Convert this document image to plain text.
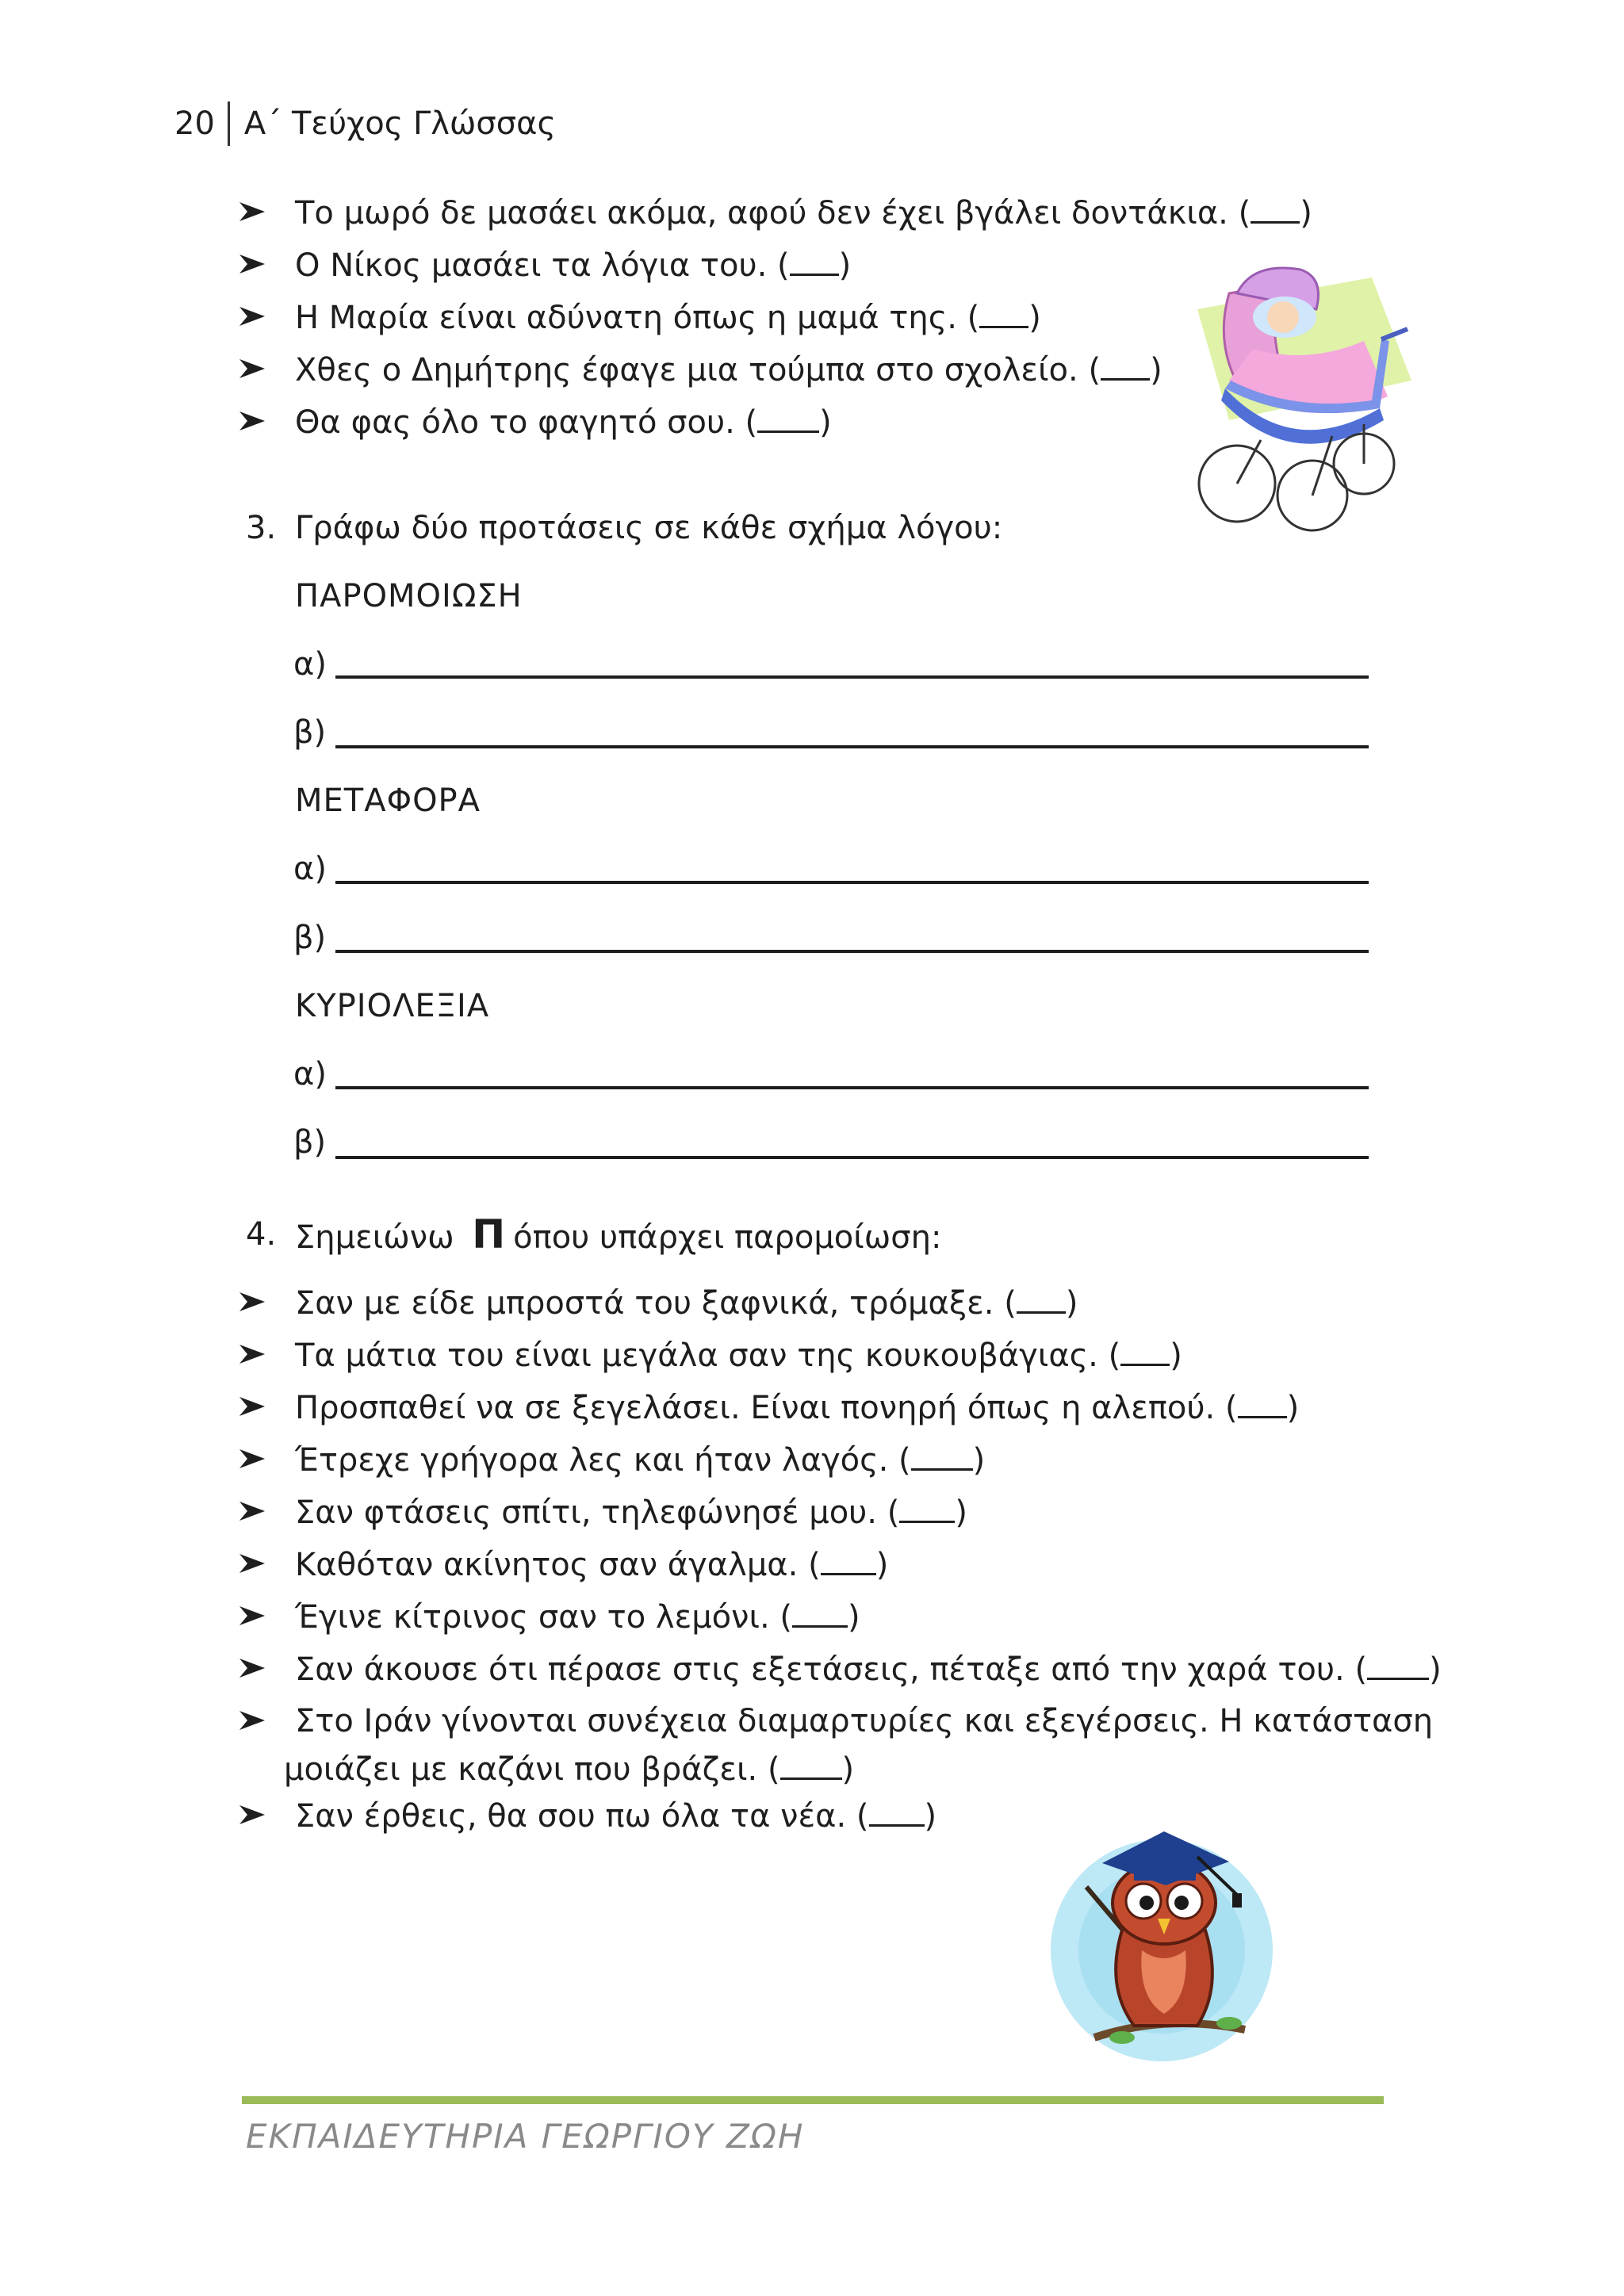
20 Α΄ Τεύχος Γλώσσας
Το μωρό δε μασάει ακόμα, αφού δεν έχει βγάλει δοντάκια. ( )
Ο Νίκος μασάει τα λόγια του. ( )
Η Μαρία είναι αδύνατη όπως η μαμά της. ( )
Χθες ο Δημήτρης έφαγε μια τούμπα στο σχολείο. ( )
Θα φας όλο το φαγητό σου. ( )
3. Γράφω δύο προτάσεις σε κάθε σχήμα λόγου:
ΠΑΡΟΜΟΙΩΣΗ
α)
β)
ΜΕΤΑΦΟΡΑ
α)
β)
ΚΥΡΙΟΛΕΞΙΑ
α)
β)
4. Σημειώνω Π όπου υπάρχει παρομοίωση:
Σαν με είδε μπροστά του ξαφνικά, τρόμαξε. ( )
Τα μάτια του είναι μεγάλα σαν της κουκουβάγιας. ( )
Προσπαθεί να σε ξεγελάσει. Είναι πονηρή όπως η αλεπού. ( )
Έτρεχε γρήγορα λες και ήταν λαγός. ( )
Σαν φτάσεις σπίτι, τηλεφώνησέ μου. ( )
Καθόταν ακίνητος σαν άγαλμα. ( )
Έγινε κίτρινος σαν το λεμόνι. ( )
Σαν άκουσε ότι πέρασε στις εξετάσεις, πέταξε από την χαρά του. ( )
Στο Ιράν γίνονται συνέχεια διαμαρτυρίες και εξεγέρσεις. Η κατάσταση
μοιάζει με καζάνι που βράζει. ( )
Σαν έρθεις, θα σου πω όλα τα νέα. ( )
ΕΚΠΑΙΔΕΥΤΗΡΙΑ ΓΕΩΡΓΙΟΥ ΖΩΗ
